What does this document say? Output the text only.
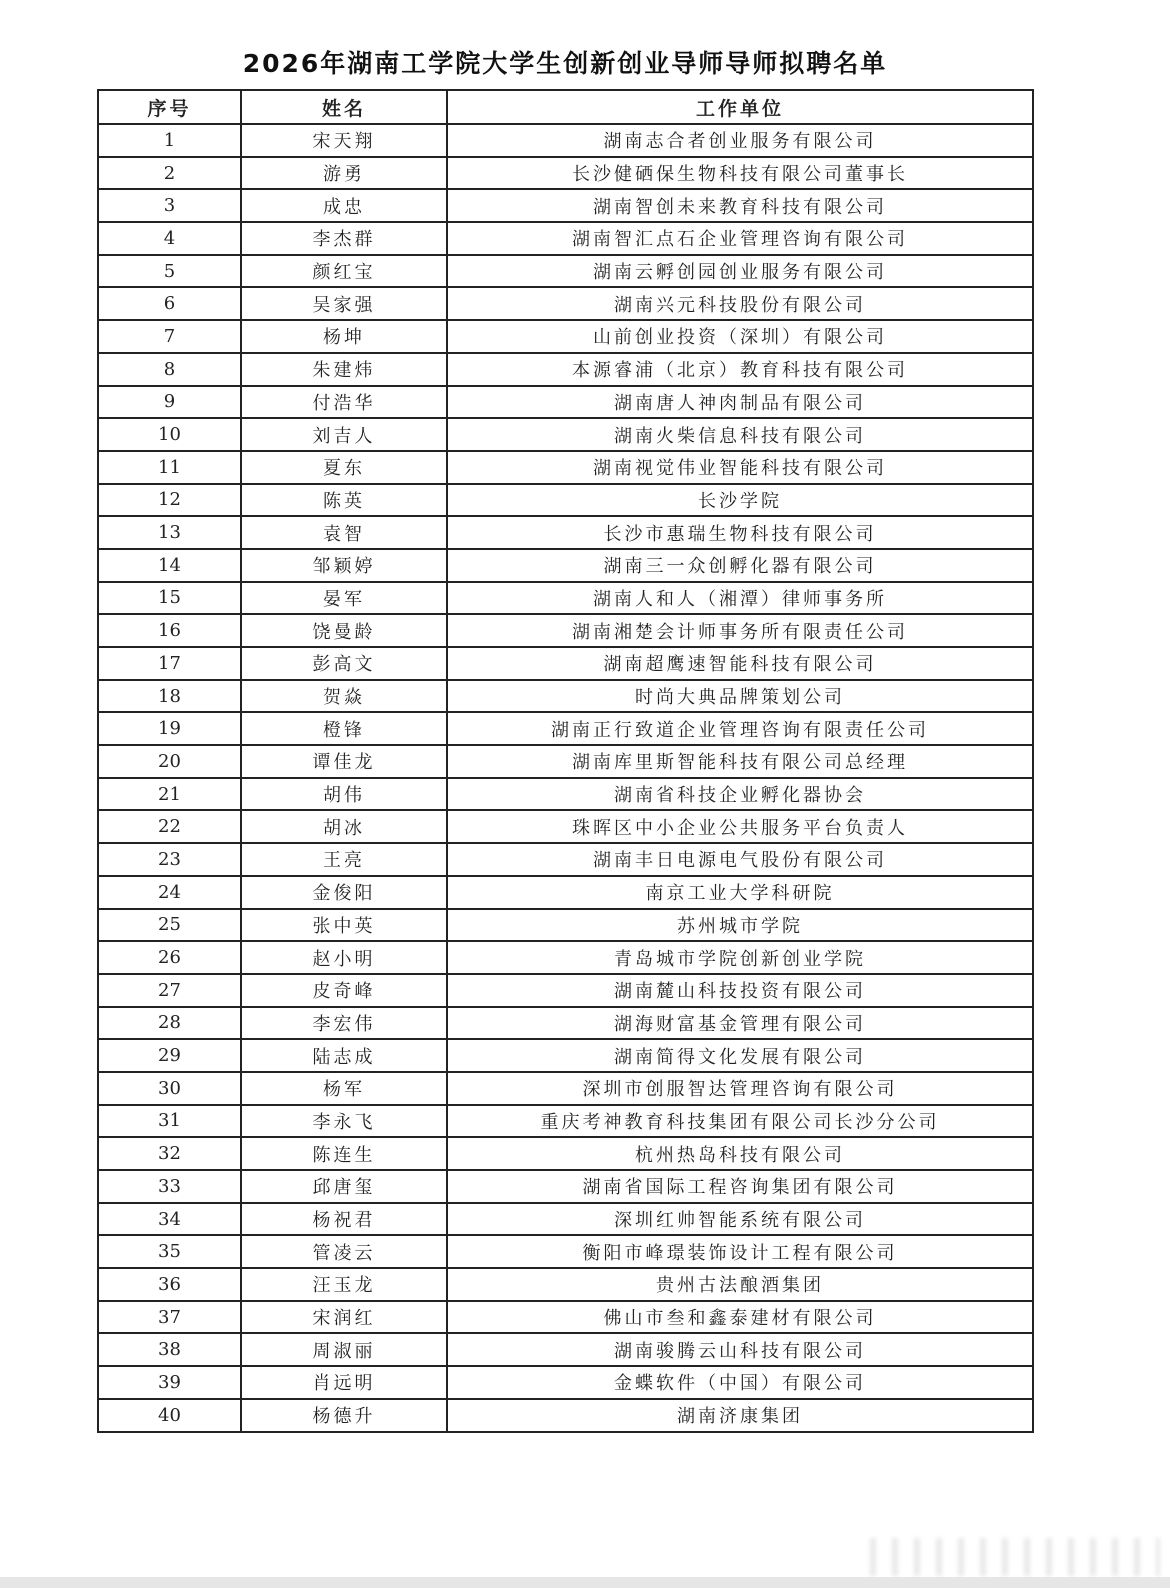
2026年湖南工学院大学生创新创业导师导师拟聘名单
序号	姓名	工作单位
1	宋天翔	湖南志合者创业服务有限公司
2	游勇	长沙健硒保生物科技有限公司董事长
3	成忠	湖南智创未来教育科技有限公司
4	李杰群	湖南智汇点石企业管理咨询有限公司
5	颜红宝	湖南云孵创园创业服务有限公司
6	吴家强	湖南兴元科技股份有限公司
7	杨坤	山前创业投资（深圳）有限公司
8	朱建炜	本源睿浦（北京）教育科技有限公司
9	付浩华	湖南唐人神肉制品有限公司
10	刘吉人	湖南火柴信息科技有限公司
11	夏东	湖南视觉伟业智能科技有限公司
12	陈英	长沙学院
13	袁智	长沙市惠瑞生物科技有限公司
14	邹颖婷	湖南三一众创孵化器有限公司
15	晏军	湖南人和人（湘潭）律师事务所
16	饶曼龄	湖南湘楚会计师事务所有限责任公司
17	彭高文	湖南超鹰速智能科技有限公司
18	贺焱	时尚大典品牌策划公司
19	橙锋	湖南正行致道企业管理咨询有限责任公司
20	谭佳龙	湖南库里斯智能科技有限公司总经理
21	胡伟	湖南省科技企业孵化器协会
22	胡冰	珠晖区中小企业公共服务平台负责人
23	王亮	湖南丰日电源电气股份有限公司
24	金俊阳	南京工业大学科研院
25	张中英	苏州城市学院
26	赵小明	青岛城市学院创新创业学院
27	皮奇峰	湖南麓山科技投资有限公司
28	李宏伟	湖海财富基金管理有限公司
29	陆志成	湖南简得文化发展有限公司
30	杨军	深圳市创服智达管理咨询有限公司
31	李永飞	重庆考神教育科技集团有限公司长沙分公司
32	陈连生	杭州热岛科技有限公司
33	邱唐玺	湖南省国际工程咨询集团有限公司
34	杨祝君	深圳红帅智能系统有限公司
35	管凌云	衡阳市峰璟装饰设计工程有限公司
36	汪玉龙	贵州古法酿酒集团
37	宋润红	佛山市叁和鑫泰建材有限公司
38	周淑丽	湖南骏腾云山科技有限公司
39	肖远明	金蝶软件（中国）有限公司
40	杨德升	湖南济康集团
